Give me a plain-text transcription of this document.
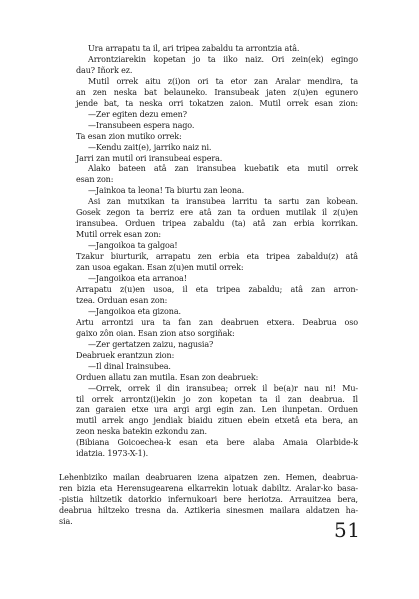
Ura arrapatu ta il, ari tripea zabaldu ta arrontzia atâ.
Arrontziarekin kopetan jo ta iiko naiz. Ori zein(ek) egingo
dau? Iñork ez.
Mutil orrek aitu z(i)on ori ta etor zan Aralar mendira, ta
an zen neska bat belauneko. Iransubeak jaten z(u)en egunero
jende bat, ta neska orri tokatzen zaion. Mutil orrek esan zion:
—Zer egiten dezu emen?
—Iransubeen espera nago.
Ta esan zion mutiko orrek:
—Kendu zait(e), jarriko naiz ni.
Jarri zan mutil ori iransubeai espera.
Alako bateen atâ zan iransubea kuebatik eta mutil orrek
esan zon:
—Jainkoa ta leona! Ta biurtu zan leona.
Asi zan mutxikan ta iransubea larritu ta sartu zan kobean.
Gosek zegon ta berriz ere atâ zan ta orduen mutilak il z(u)en
iransubea. Orduen tripea zabaldu (ta) atâ zan erbia korrikan.
Mutil orrek esan zon:
—Jangoikoa ta galgoa!
Tzakur biurturik, arrapatu zen erbia eta tripea zabaldu(z) atâ
zan usoa egakan. Esan z(u)en mutil orrek:
—Jangoikoa eta arranoa!
Arrapatu z(u)en usoa, il eta tripea zabaldu; atâ zan arron-
tzea. Orduan esan zon:
—Jangoikoa eta gizona.
Artu arrontzi ura ta fan zan deabruen etxera. Deabrua oso
gaixo zôn oian. Esan zion atso sorgiñak:
—Zer gertatzen zaizu, nagusia?
Deabruek erantzun zion:
—Il dinal Irainsubea.
Orduen allatu zan mutila. Esan zon deabruek:
—Orrek, orrek il din iransubea; orrek il be(a)r nau ni! Mu-
til orrek arrontz(i)ekin jo zon kopetan ta il zan deabrua. Il
zan garaien etxe ura argi argi egin zan. Len ilunpetan. Orduen
mutil arrek ango jendiak biaidu zituen ebein etxetâ eta bera, an
zeon neska batekin ezkondu zan.
(Bibiana Goicoechea-k esan eta bere alaba Amaia Olarbide-k
idatzia. 1973-X-1).
Lehenbiziko mailan deabruaren izena aipatzen zen. Hemen, deabrua-
ren bizia eta Herensugearena elkarrekin lotuak dabiltz. Aralar-ko basa-
-pistia hiltzetik datorkio infernukoari bere heriotza. Arrauitzea bera,
deabrua hiltzeko tresna da. Aztikeria sinesmen mailara aldatzen ha-
sia.	51
